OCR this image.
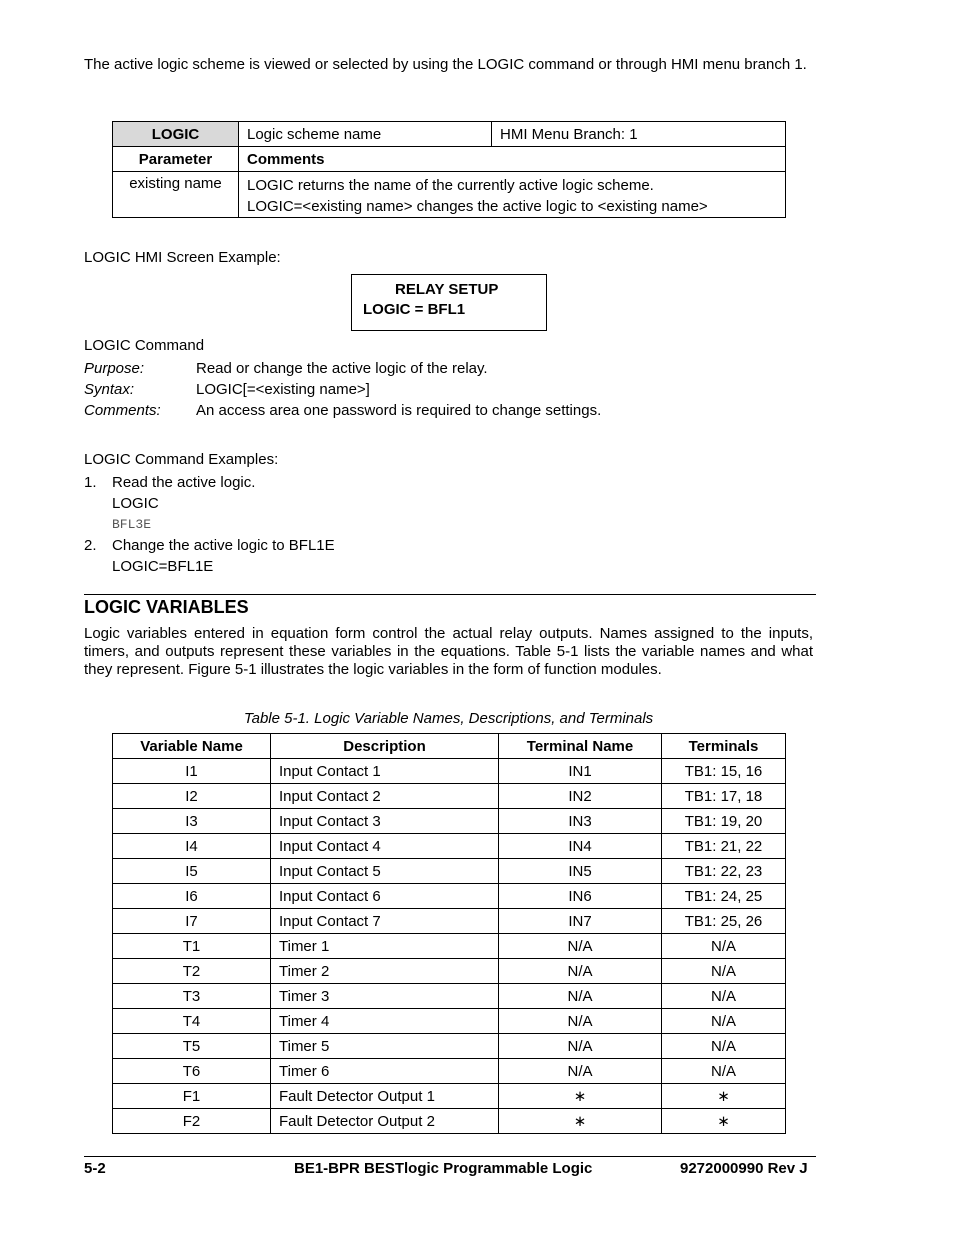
The active logic scheme is viewed or selected by using the LOGIC command or through HMI menu branch 1.

LOGIC	Logic scheme name	HMI Menu Branch: 1
Parameter	Comments	
existing name	LOGIC returns the name of the currently active logic scheme.
LOGIC=<existing name> changes the active logic to <existing name>	
LOGIC HMI Screen Example:
RELAY SETUP
LOGIC = BFL1
LOGIC Command
Purpose:	Read or change the active logic of the relay.
Syntax:	LOGIC[=<existing name>]
Comments:	An access area one password is required to change settings.
LOGIC Command Examples:
1. Read the active logic.
LOGIC
BFL3E
2. Change the active logic to BFL1E
LOGIC=BFL1E
LOGIC VARIABLES

Logic variables entered in equation form control the actual relay outputs. Names assigned to the inputs, timers, and outputs represent these variables in the equations. Table 5-1 lists the variable names and what they represent. Figure 5-1 illustrates the logic variables in the form of function modules.

Table 5-1. Logic Variable Names, Descriptions, and Terminals
Variable Name	Description	Terminal Name	Terminals
I1	Input Contact 1	IN1	TB1: 15, 16
I2	Input Contact 2	IN2	TB1: 17, 18
I3	Input Contact 3	IN3	TB1: 19, 20
I4	Input Contact 4	IN4	TB1: 21, 22
I5	Input Contact 5	IN5	TB1: 22, 23
I6	Input Contact 6	IN6	TB1: 24, 25
I7	Input Contact 7	IN7	TB1: 25, 26
T1	Timer 1	N/A	N/A
T2	Timer 2	N/A	N/A
T3	Timer 3	N/A	N/A
T4	Timer 4	N/A	N/A
T5	Timer 5	N/A	N/A
T6	Timer 6	N/A	N/A
F1	Fault Detector Output 1	∗	∗
F2	Fault Detector Output 2	∗	∗
5-2	BE1-BPR BESTlogic Programmable Logic	9272000990 Rev J
